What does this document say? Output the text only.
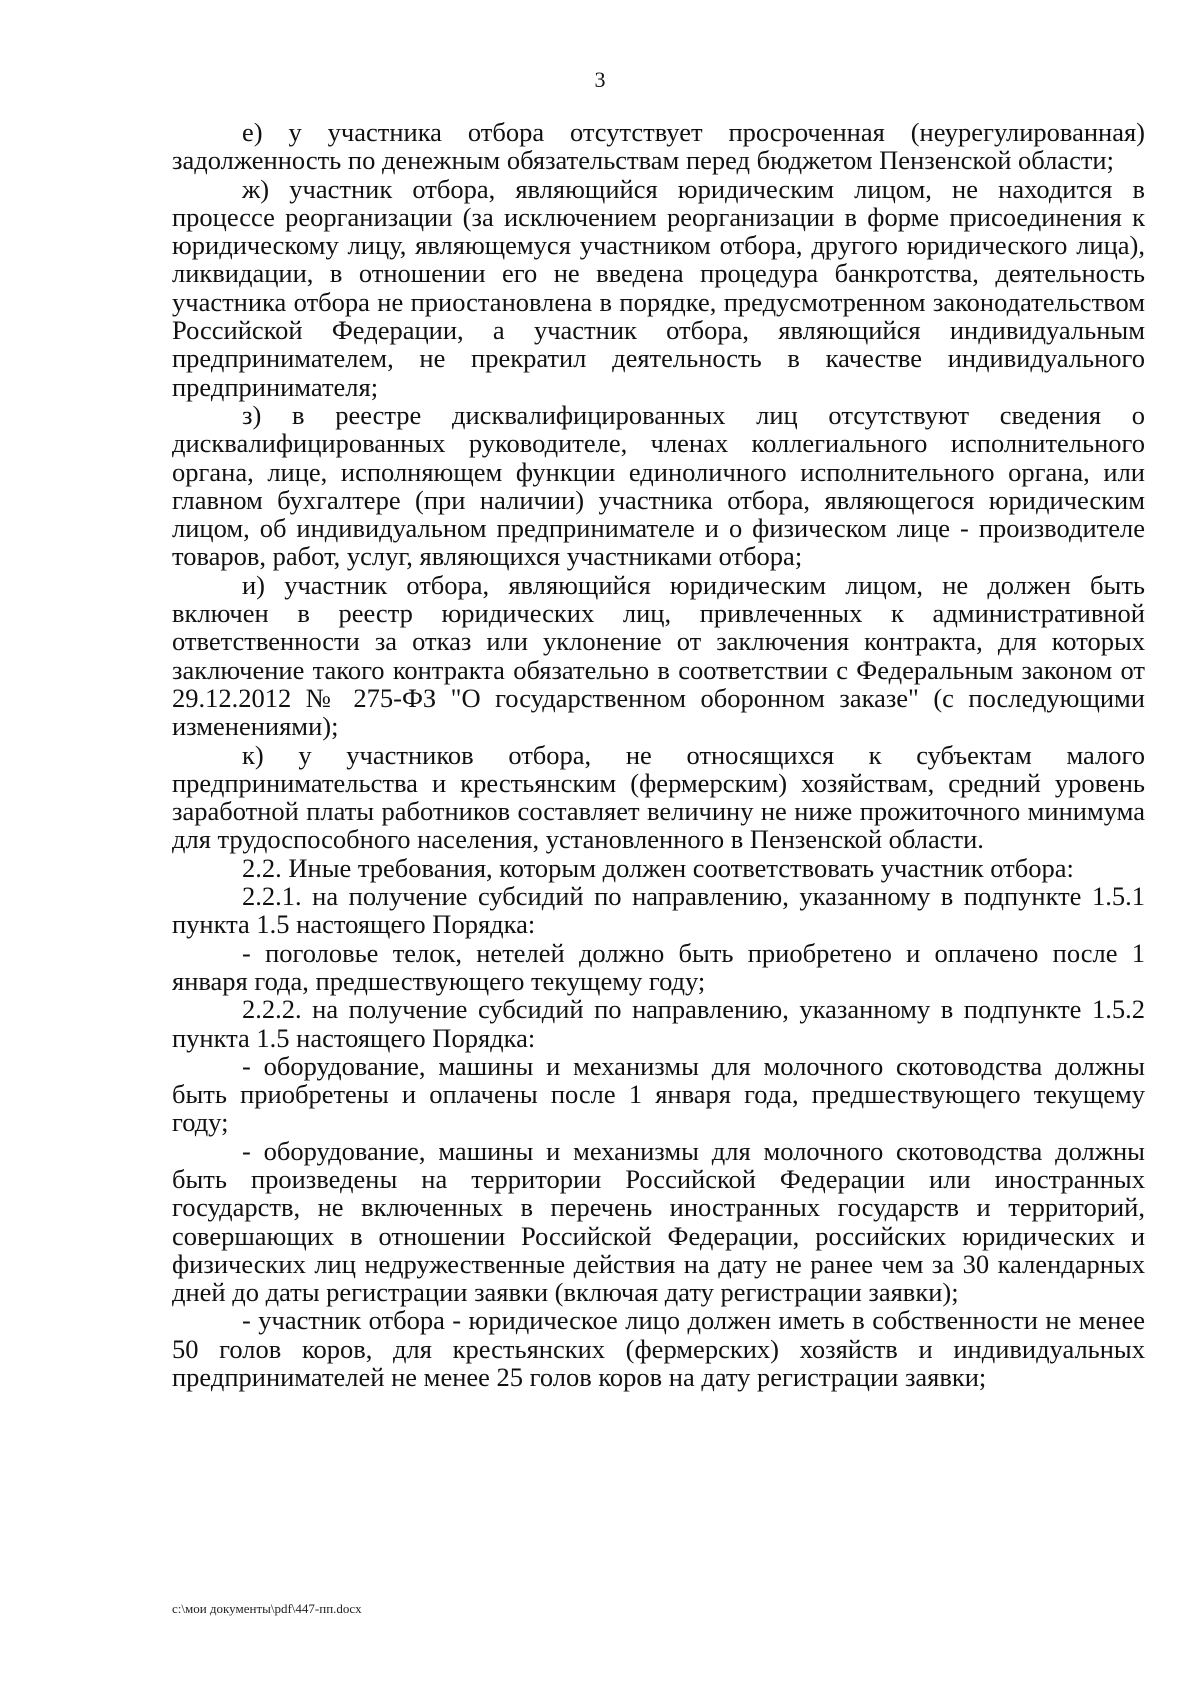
3

е) у участника отбора отсутствует просроченная (неурегулированная) задолженность по денежным обязательствам перед бюджетом Пензенской области;

ж) участник отбора, являющийся юридическим лицом, не находится в процессе реорганизации (за исключением реорганизации в форме присоединения к юридическому лицу, являющемуся участником отбора, другого юридического лица), ликвидации, в отношении его не введена процедура банкротства, деятельность участника отбора не приостановлена в порядке, предусмотренном законодательством Российской Федерации, а участник отбора, являющийся индивидуальным предпринимателем, не прекратил деятельность в качестве индивидуального предпринимателя;

з) в реестре дисквалифицированных лиц отсутствуют сведения о дисквалифицированных руководителе, членах коллегиального исполнительного органа, лице, исполняющем функции единоличного исполнительного органа, или главном бухгалтере (при наличии) участника отбора, являющегося юридическим лицом, об индивидуальном предпринимателе и о физическом лице - производителе товаров, работ, услуг, являющихся участниками отбора;

и) участник отбора, являющийся юридическим лицом, не должен быть включен в реестр юридических лиц, привлеченных к административной ответственности за отказ или уклонение от заключения контракта, для которых заключение такого контракта обязательно в соответствии с Федеральным законом от 29.12.2012 № 275-ФЗ "О государственном оборонном заказе" (с последующими изменениями);

к) у участников отбора, не относящихся к субъектам малого предпринимательства и крестьянским (фермерским) хозяйствам, средний уровень заработной платы работников составляет величину не ниже прожиточного минимума для трудоспособного населения, установленного в Пензенской области.

2.2. Иные требования, которым должен соответствовать участник отбора:

2.2.1. на получение субсидий по направлению, указанному в подпункте 1.5.1 пункта 1.5 настоящего Порядка:

- поголовье телок, нетелей должно быть приобретено и оплачено после 1 января года, предшествующего текущему году;

2.2.2. на получение субсидий по направлению, указанному в подпункте 1.5.2 пункта 1.5 настоящего Порядка:

- оборудование, машины и механизмы для молочного скотоводства должны быть приобретены и оплачены после 1 января года, предшествующего текущему году;

- оборудование, машины и механизмы для молочного скотоводства должны быть произведены на территории Российской Федерации или иностранных государств, не включенных в перечень иностранных государств и территорий, совершающих в отношении Российской Федерации, российских юридических и физических лиц недружественные действия на дату не ранее чем за 30 календарных дней до даты регистрации заявки (включая дату регистрации заявки);

- участник отбора - юридическое лицо должен иметь в собственности не менее 50 голов коров, для крестьянских (фермерских) хозяйств и индивидуальных предпринимателей не менее 25 голов коров на дату регистрации заявки;

c:\мои документы\pdf\447-пп.docx
